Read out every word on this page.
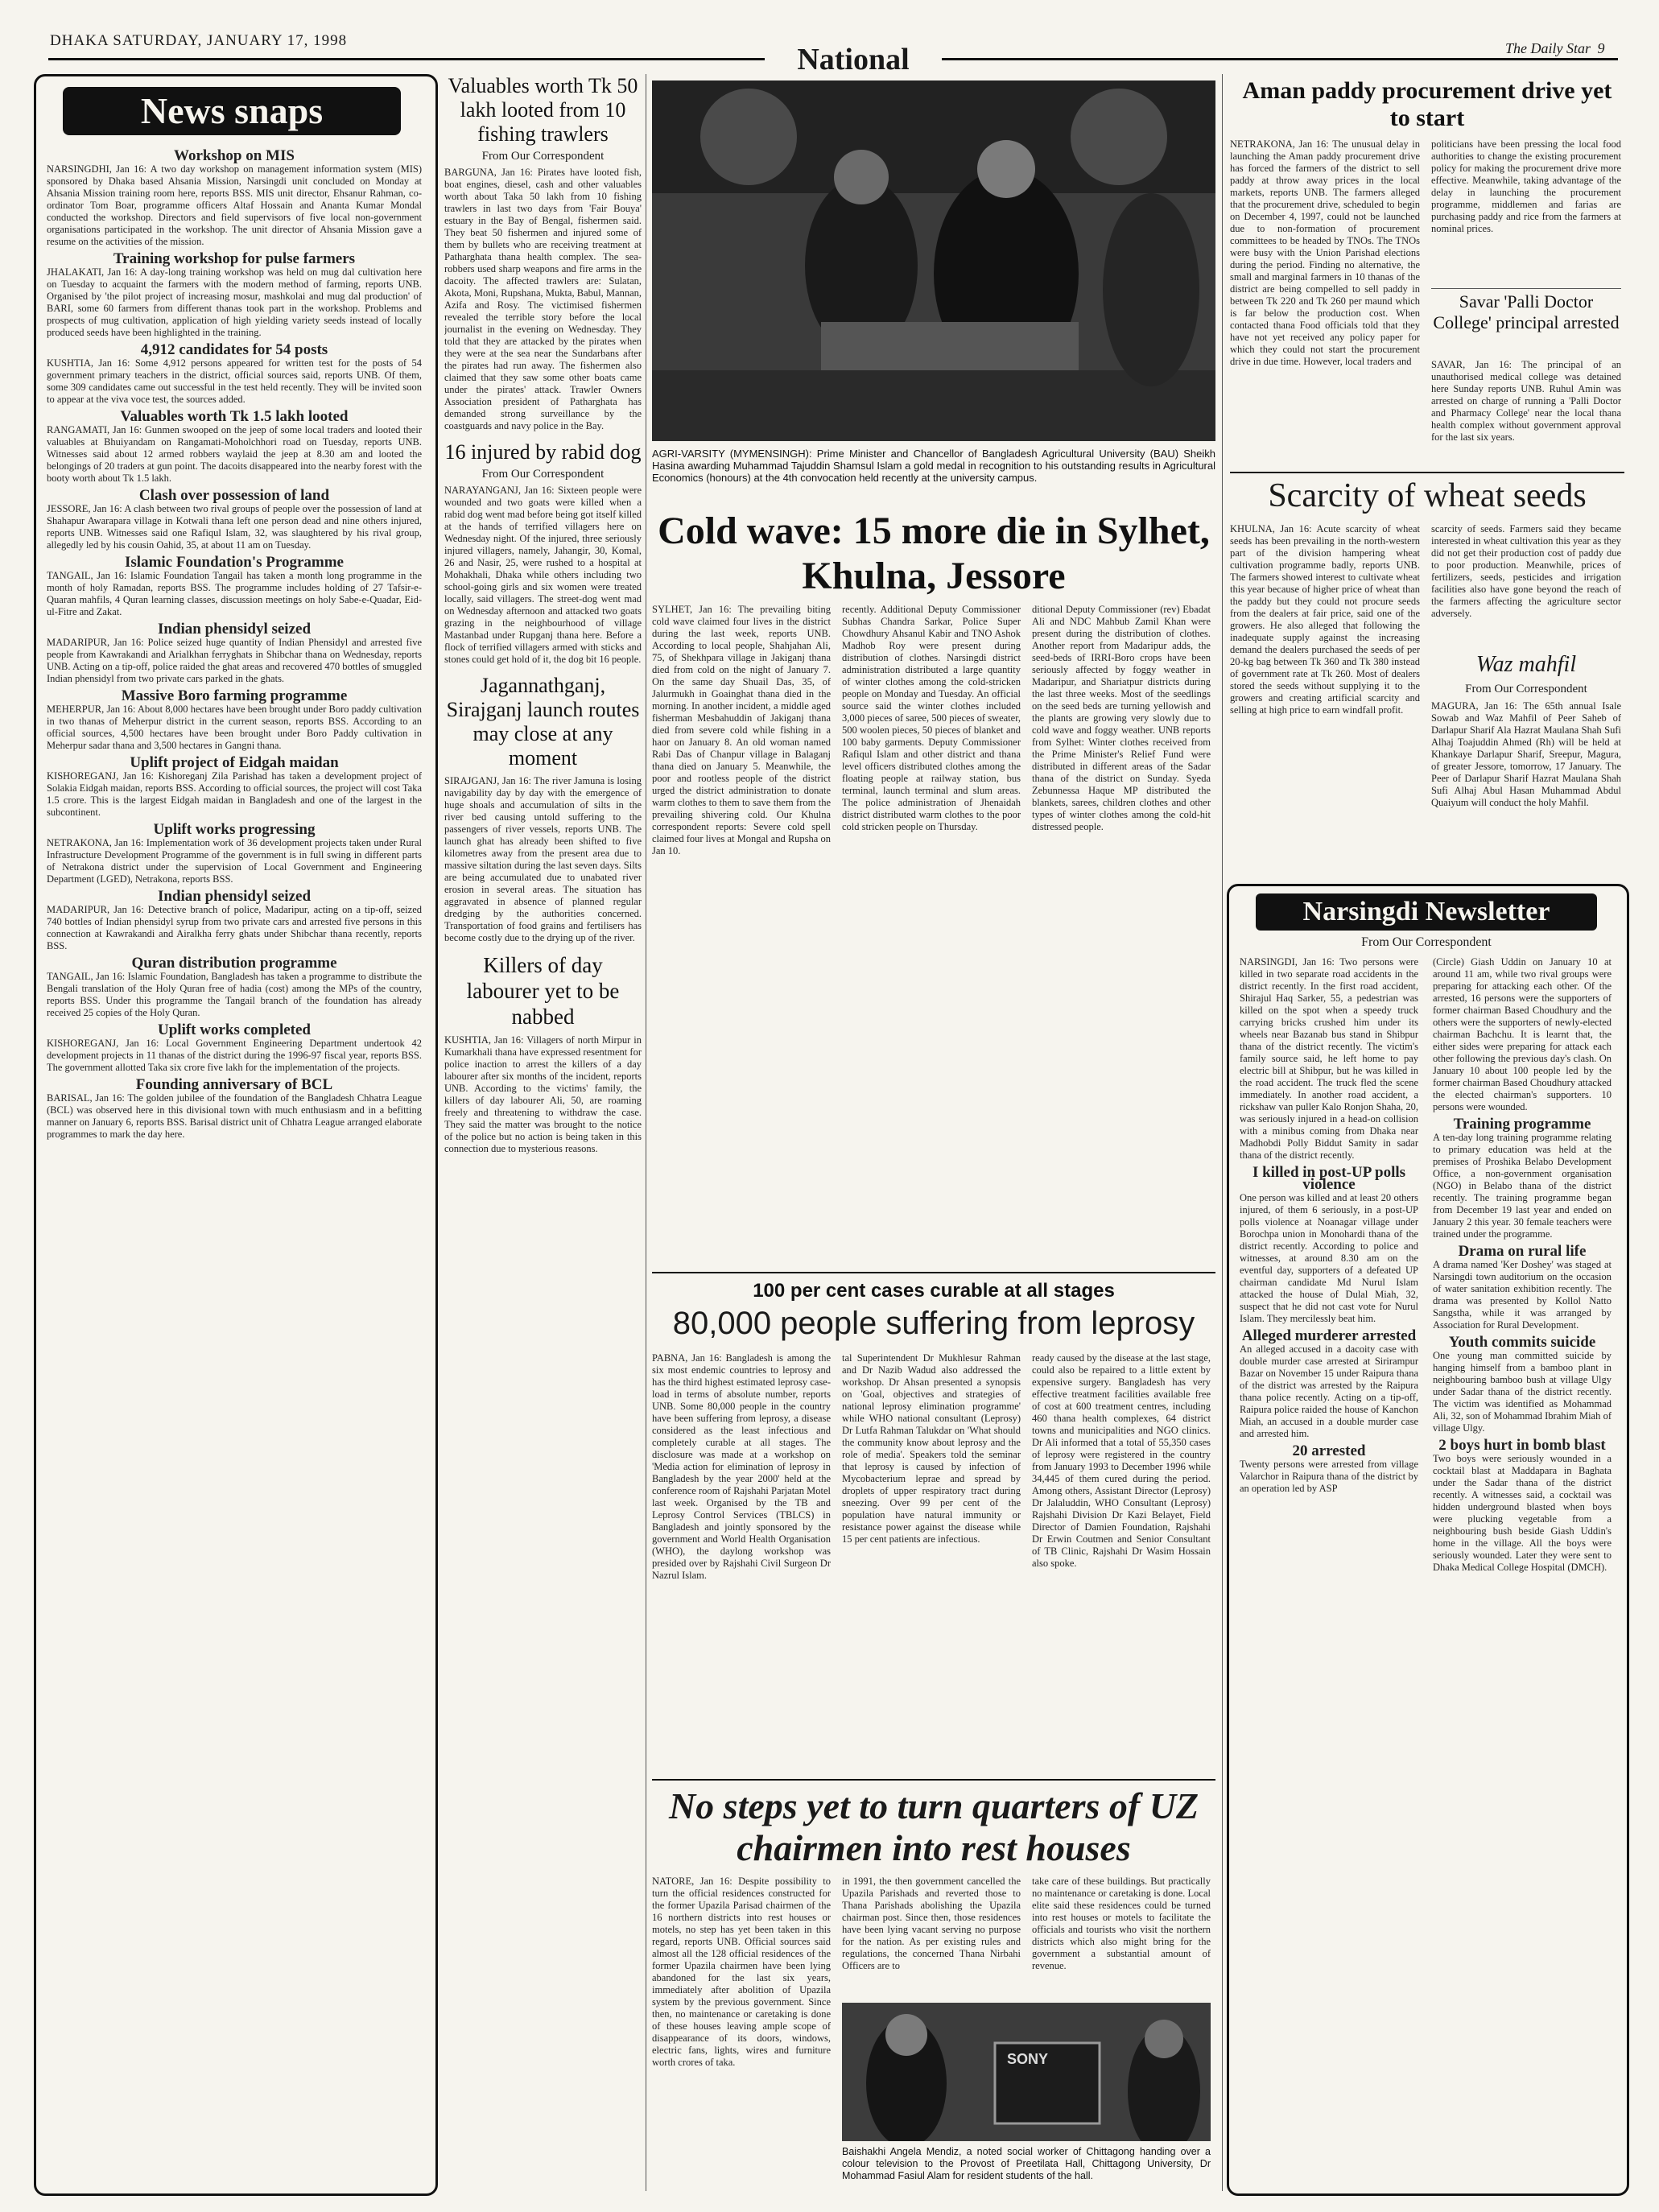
DHAKA SATURDAY, JANUARY 17, 1998
National	The Daily Star 9
News snaps
Workshop on MIS
NARSINGDHI, Jan 16: A two day workshop on management information system (MIS) sponsored by Dhaka based Ahsania Mission, Narsingdi unit concluded on Monday at Ahsania Mission training room here, reports BSS. MIS unit director, Ehsanur Rahman, co-ordinator Tom Boar, programme officers Altaf Hossain and Ananta Kumar Mondal conducted the workshop. Directors and field supervisors of five local non-government organisations participated in the workshop. The unit director of Ahsania Mission gave a resume on the activities of the mission.
Training workshop for pulse farmers
JHALAKATI, Jan 16: A day-long training workshop was held on mug dal cultivation here on Tuesday to acquaint the farmers with the modern method of farming, reports UNB. Organised by 'the pilot project of increasing mosur, mashkolai and mug dal production' of BARI, some 60 farmers from different thanas took part in the workshop. Problems and prospects of mug cultivation, application of high yielding variety seeds instead of locally produced seeds have been highlighted in the training.
4,912 candidates for 54 posts
KUSHTIA, Jan 16: Some 4,912 persons appeared for written test for the posts of 54 government primary teachers in the district, official sources said, reports UNB. Of them, some 309 candidates came out successful in the test held recently. They will be invited soon to appear at the viva voce test, the sources added.
Valuables worth Tk 1.5 lakh looted
RANGAMATI, Jan 16: Gunmen swooped on the jeep of some local traders and looted their valuables at Bhuiyandam on Rangamati-Moholchhori road on Tuesday, reports UNB. Witnesses said about 12 armed robbers waylaid the jeep at 8.30 am and looted the belongings of 20 traders at gun point. The dacoits disappeared into the nearby forest with the booty worth about Tk 1.5 lakh.
Clash over possession of land
JESSORE, Jan 16: A clash between two rival groups of people over the possession of land at Shahapur Awarapara village in Kotwali thana left one person dead and nine others injured, reports UNB. Witnesses said one Rafiqul Islam, 32, was slaughtered by his rival group, allegedly led by his cousin Oahid, 35, at about 11 am on Tuesday.
Islamic Foundation's Programme
TANGAIL, Jan 16: Islamic Foundation Tangail has taken a month long programme in the month of holy Ramadan, reports BSS. The programme includes holding of 27 Tafsir-e-Quaran mahfils, 4 Quran learning classes, discussion meetings on holy Sabe-e-Quadar, Eid-ul-Fitre and Zakat.
Indian phensidyl seized
MADARIPUR, Jan 16: Police seized huge quantity of Indian Phensidyl and arrested five people from Kawrakandi and Arialkhan ferryghats in Shibchar thana on Wednesday, reports UNB. Acting on a tip-off, police raided the ghat areas and recovered 470 bottles of smuggled Indian phensidyl from two private cars parked in the ghats.
Massive Boro farming programme
MEHERPUR, Jan 16: About 8,000 hectares have been brought under Boro paddy cultivation in two thanas of Meherpur district in the current season, reports BSS. According to an official sources, 4,500 hectares have been brought under Boro Paddy cultivation in Meherpur sadar thana and 3,500 hectares in Gangni thana.
Uplift project of Eidgah maidan
KISHOREGANJ, Jan 16: Kishoreganj Zila Parishad has taken a development project of Solakia Eidgah maidan, reports BSS. According to official sources, the project will cost Taka 1.5 crore. This is the largest Eidgah maidan in Bangladesh and one of the largest in the subcontinent.
Uplift works progressing
NETRAKONA, Jan 16: Implementation work of 36 development projects taken under Rural Infrastructure Development Programme of the government is in full swing in different parts of Netrakona district under the supervision of Local Government and Engineering Department (LGED), Netrakona, reports BSS.
Indian phensidyl seized
MADARIPUR, Jan 16: Detective branch of police, Madaripur, acting on a tip-off, seized 740 bottles of Indian phensidyl syrup from two private cars and arrested five persons in this connection at Kawrakandi and Airalkha ferry ghats under Shibchar thana recently, reports BSS.
Quran distribution programme
TANGAIL, Jan 16: Islamic Foundation, Bangladesh has taken a programme to distribute the Bengali translation of the Holy Quran free of hadia (cost) among the MPs of the country, reports BSS. Under this programme the Tangail branch of the foundation has already received 25 copies of the Holy Quran.
Uplift works completed
KISHOREGANJ, Jan 16: Local Government Engineering Department undertook 42 development projects in 11 thanas of the district during the 1996-97 fiscal year, reports BSS. The government allotted Taka six crore five lakh for the implementation of the projects.
Founding anniversary of BCL
BARISAL, Jan 16: The golden jubilee of the foundation of the Bangladesh Chhatra League (BCL) was observed here in this divisional town with much enthusiasm and in a befitting manner on January 6, reports BSS. Barisal district unit of Chhatra League arranged elaborate programmes to mark the day here.
Valuables worth Tk 50 lakh looted from 10 fishing trawlers
From Our Correspondent
BARGUNA, Jan 16: Pirates have looted fish, boat engines, diesel, cash and other valuables worth about Taka 50 lakh from 10 fishing trawlers in last two days from 'Fair Bouya' estuary in the Bay of Bengal, fishermen said. They beat 50 fishermen and injured some of them by bullets who are receiving treatment at Patharghata thana health complex. The sea-robbers used sharp weapons and fire arms in the dacoity. The affected trawlers are: Sulatan, Akota, Moni, Rupshana, Mukta, Babul, Mannan, Azifa and Rosy. The victimised fishermen revealed the terrible story before the local journalist in the evening on Wednesday. They told that they are attacked by the pirates when they were at the sea near the Sundarbans after the pirates had run away. The fishermen also claimed that they saw some other boats came under the pirates' attack. Trawler Owners Association president of Patharghata has demanded strong surveillance by the coastguards and navy police in the Bay.
16 injured by rabid dog
From Our Correspondent
NARAYANGANJ, Jan 16: Sixteen people were wounded and two goats were killed when a rabid dog went mad before being got itself killed at the hands of terrified villagers here on Wednesday night. Of the injured, three seriously injured villagers, namely, Jahangir, 30, Komal, 26 and Nasir, 25, were rushed to a hospital at Mohakhali, Dhaka while others including two school-going girls and six women were treated locally, said villagers. The street-dog went mad on Wednesday afternoon and attacked two goats grazing in the neighbourhood of village Mastanbad under Rupganj thana here. Before a flock of terrified villagers armed with sticks and stones could get hold of it, the dog bit 16 people.
Jagannathganj, Sirajganj launch routes may close at any moment
SIRAJGANJ, Jan 16: The river Jamuna is losing navigability day by day with the emergence of huge shoals and accumulation of silts in the river bed causing untold suffering to the passengers of river vessels, reports UNB. The launch ghat has already been shifted to five kilometres away from the present area due to massive siltation during the last seven days. Silts are being accumulated due to unabated river erosion in several areas. The situation has aggravated in absence of planned regular dredging by the authorities concerned. Transportation of food grains and fertilisers has become costly due to the drying up of the river.
Killers of day labourer yet to be nabbed
KUSHTIA, Jan 16: Villagers of north Mirpur in Kumarkhali thana have expressed resentment for police inaction to arrest the killers of a day labourer after six months of the incident, reports UNB. According to the victims' family, the killers of day labourer Ali, 50, are roaming freely and threatening to withdraw the case. They said the matter was brought to the notice of the police but no action is being taken in this connection due to mysterious reasons.
AGRI-VARSITY (MYMENSINGH): Prime Minister and Chancellor of Bangladesh Agricultural University (BAU) Sheikh Hasina awarding Muhammad Tajuddin Shamsul Islam a gold medal in recognition to his outstanding results in Agricultural Economics (honours) at the 4th convocation held recently at the university campus.
Cold wave: 15 more die in Sylhet, Khulna, Jessore
SYLHET, Jan 16: The prevailing biting cold wave claimed four lives in the district during the last week, reports UNB. According to local people, Shahjahan Ali, 75, of Shekhpara village in Jakiganj thana died from cold on the night of January 7. On the same day Shuail Das, 35, of Jalurmukh in Goainghat thana died in the morning. In another incident, a middle aged fisherman Mesbahuddin of Jakiganj thana died from severe cold while fishing in a haor on January 8. An old woman named Rabi Das of Chanpur village in Balaganj thana died on January 5. Meanwhile, the poor and rootless people of the district urged the district administration to donate warm clothes to them to save them from the prevailing shivering cold. Our Khulna correspondent reports: Severe cold spell claimed four lives at Mongal and Rupsha on Jan 10.
recently. Additional Deputy Commissioner Subhas Chandra Sarkar, Police Super Chowdhury Ahsanul Kabir and TNO Ashok Madhob Roy were present during distribution of clothes. Narsingdi district administration distributed a large quantity of winter clothes among the cold-stricken people on Monday and Tuesday. An official source said the winter clothes included 3,000 pieces of saree, 500 pieces of sweater, 500 woolen pieces, 50 pieces of blanket and 100 baby garments. Deputy Commissioner Rafiqul Islam and other district and thana level officers distributed clothes among the floating people at railway station, bus terminal, launch terminal and slum areas. The police administration of Jhenaidah district distributed warm clothes to the poor cold stricken people on Thursday.
ditional Deputy Commissioner (rev) Ebadat Ali and NDC Mahbub Zamil Khan were present during the distribution of clothes. Another report from Madaripur adds, the seed-beds of IRRI-Boro crops have been seriously affected by foggy weather in Madaripur, and Shariatpur districts during the last three weeks. Most of the seedlings on the seed beds are turning yellowish and the plants are growing very slowly due to cold wave and foggy weather. UNB reports from Sylhet: Winter clothes received from the Prime Minister's Relief Fund were distributed in different areas of the Sadar thana of the district on Sunday. Syeda Zebunnessa Haque MP distributed the blankets, sarees, children clothes and other types of winter clothes among the cold-hit distressed people.
100 per cent cases curable at all stages
80,000 people suffering from leprosy
PABNA, Jan 16: Bangladesh is among the six most endemic countries to leprosy and has the third highest estimated leprosy case-load in terms of absolute number, reports UNB. Some 80,000 people in the country have been suffering from leprosy, a disease considered as the least infectious and completely curable at all stages. The disclosure was made at a workshop on 'Media action for elimination of leprosy in Bangladesh by the year 2000' held at the conference room of Rajshahi Parjatan Motel last week. Organised by the TB and Leprosy Control Services (TBLCS) in Bangladesh and jointly sponsored by the government and World Health Organisation (WHO), the daylong workshop was presided over by Rajshahi Civil Surgeon Dr Nazrul Islam.
tal Superintendent Dr Mukhlesur Rahman and Dr Nazib Wadud also addressed the workshop. Dr Ahsan presented a synopsis on 'Goal, objectives and strategies of national leprosy elimination programme' while WHO national consultant (Leprosy) Dr Lutfa Rahman Talukdar on 'What should the community know about leprosy and the role of media'. Speakers told the seminar that leprosy is caused by infection of Mycobacterium leprae and spread by droplets of upper respiratory tract during sneezing. Over 99 per cent of the population have natural immunity or resistance power against the disease while 15 per cent patients are infectious.
ready caused by the disease at the last stage, could also be repaired to a little extent by expensive surgery. Bangladesh has very effective treatment facilities available free of cost at 600 treatment centres, including 460 thana health complexes, 64 district towns and municipalities and NGO clinics. Dr Ali informed that a total of 55,350 cases of leprosy were registered in the country from January 1993 to December 1996 while 34,445 of them cured during the period. Among others, Assistant Director (Leprosy) Dr Jalaluddin, WHO Consultant (Leprosy) Rajshahi Division Dr Kazi Belayet, Field Director of Damien Foundation, Rajshahi Dr Erwin Coutmen and Senior Consultant of TB Clinic, Rajshahi Dr Wasim Hossain also spoke.
No steps yet to turn quarters of UZ chairmen into rest houses
NATORE, Jan 16: Despite possibility to turn the official residences constructed for the former Upazila Parisad chairmen of the 16 northern districts into rest houses or motels, no step has yet been taken in this regard, reports UNB. Official sources said almost all the 128 official residences of the former Upazila chairmen have been lying abandoned for the last six years, immediately after abolition of Upazila system by the previous government. Since then, no maintenance or caretaking is done of these houses leaving ample scope of disappearance of its doors, windows, electric fans, lights, wires and furniture worth crores of taka.
in 1991, the then government cancelled the Upazila Parishads and reverted those to Thana Parishads abolishing the Upazila chairman post. Since then, those residences have been lying vacant serving no purpose for the nation. As per existing rules and regulations, the concerned Thana Nirbahi Officers are to
take care of these buildings. But practically no maintenance or caretaking is done. Local elite said these residences could be turned into rest houses or motels to facilitate the officials and tourists who visit the northern districts which also might bring for the government a substantial amount of revenue.
SONY
Baishakhi Angela Mendiz, a noted social worker of Chittagong handing over a colour television to the Provost of Preetilata Hall, Chittagong University, Dr Mohammad Fasiul Alam for resident students of the hall.
Aman paddy procurement drive yet to start
NETRAKONA, Jan 16: The unusual delay in launching the Aman paddy procurement drive has forced the farmers of the district to sell paddy at throw away prices in the local markets, reports UNB. The farmers alleged that the procurement drive, scheduled to begin on December 4, 1997, could not be launched due to non-formation of procurement committees to be headed by TNOs. The TNOs were busy with the Union Parishad elections during the period. Finding no alternative, the small and marginal farmers in 10 thanas of the district are being compelled to sell paddy in between Tk 220 and Tk 260 per maund which is far below the production cost. When contacted thana Food officials told that they have not yet received any policy paper for which they could not start the procurement drive in due time. However, local traders and
politicians have been pressing the local food authorities to change the existing procurement policy for making the procurement drive more effective. Meanwhile, taking advantage of the delay in launching the procurement programme, middlemen and farias are purchasing paddy and rice from the farmers at nominal prices.
Savar 'Palli Doctor College' principal arrested
SAVAR, Jan 16: The principal of an unauthorised medical college was detained here Sunday reports UNB. Ruhul Amin was arrested on charge of running a 'Palli Doctor and Pharmacy College' near the local thana health complex without government approval for the last six years.
Scarcity of wheat seeds
KHULNA, Jan 16: Acute scarcity of wheat seeds has been prevailing in the north-western part of the division hampering wheat cultivation programme badly, reports UNB. The farmers showed interest to cultivate wheat this year because of higher price of wheat than the paddy but they could not procure seeds from the dealers at fair price, said one of the growers. He also alleged that following the inadequate supply against the increasing demand the dealers purchased the seeds of per 20-kg bag between Tk 360 and Tk 380 instead of government rate at Tk 260. Most of dealers stored the seeds without supplying it to the growers and creating artificial scarcity and selling at high price to earn windfall profit.
scarcity of seeds. Farmers said they became interested in wheat cultivation this year as they did not get their production cost of paddy due to poor production. Meanwhile, prices of fertilizers, seeds, pesticides and irrigation facilities also have gone beyond the reach of the farmers affecting the agriculture sector adversely.
Waz mahfil
From Our Correspondent
MAGURA, Jan 16: The 65th annual Isale Sowab and Waz Mahfil of Peer Saheb of Darlapur Sharif Ala Hazrat Maulana Shah Sufi Alhaj Toajuddin Ahmed (Rh) will be held at Khankaye Darlapur Sharif, Sreepur, Magura, of greater Jessore, tomorrow, 17 January. The Peer of Darlapur Sharif Hazrat Maulana Shah Sufi Alhaj Abul Hasan Muhammad Abdul Quaiyum will conduct the holy Mahfil.
Narsingdi Newsletter
From Our Correspondent
NARSINGDI, Jan 16: Two persons were killed in two separate road accidents in the district recently. In the first road accident, Shirajul Haq Sarker, 55, a pedestrian was killed on the spot when a speedy truck carrying bricks crushed him under its wheels near Bazanab bus stand in Shibpur thana of the district recently. The victim's family source said, he left home to pay electric bill at Shibpur, but he was killed in the road accident. The truck fled the scene immediately. In another road accident, a rickshaw van puller Kalo Ronjon Shaha, 20, was seriously injured in a head-on collision with a minibus coming from Dhaka near Madhobdi Polly Biddut Samity in sadar thana of the district recently.
I killed in post-UP polls violence
One person was killed and at least 20 others injured, of them 6 seriously, in a post-UP polls violence at Noanagar village under Borochpa union in Monohardi thana of the district recently. According to police and witnesses, at around 8.30 am on the eventful day, supporters of a defeated UP chairman candidate Md Nurul Islam attacked the house of Dulal Miah, 32, suspect that he did not cast vote for Nurul Islam. They mercilessly beat him.
Alleged murderer arrested
An alleged accused in a dacoity case with double murder case arrested at Sirirampur Bazar on November 15 under Raipura thana of the district was arrested by the Raipura thana police recently. Acting on a tip-off, Raipura police raided the house of Kanchon Miah, an accused in a double murder case and arrested him.
20 arrested
Twenty persons were arrested from village Valarchor in Raipura thana of the district by an operation led by ASP
(Circle) Giash Uddin on January 10 at around 11 am, while two rival groups were preparing for attacking each other. Of the arrested, 16 persons were the supporters of former chairman Based Choudhury and the others were the supporters of newly-elected chairman Bachchu. It is learnt that, the either sides were preparing for attack each other following the previous day's clash. On January 10 about 100 people led by the former chairman Based Choudhury attacked the elected chairman's supporters. 10 persons were wounded.
Training programme
A ten-day long training programme relating to primary education was held at the premises of Proshika Belabo Development Office, a non-government organisation (NGO) in Belabo thana of the district recently. The training programme began from December 19 last year and ended on January 2 this year. 30 female teachers were trained under the programme.
Drama on rural life
A drama named 'Ker Doshey' was staged at Narsingdi town auditorium on the occasion of water sanitation exhibition recently. The drama was presented by Kollol Natto Sangstha, while it was arranged by Association for Rural Development.
Youth commits suicide
One young man committed suicide by hanging himself from a bamboo plant in neighbouring bamboo bush at village Ulgy under Sadar thana of the district recently. The victim was identified as Mohammad Ali, 32, son of Mohammad Ibrahim Miah of village Ulgy.
2 boys hurt in bomb blast
Two boys were seriously wounded in a cocktail blast at Maddapara in Baghata under the Sadar thana of the district recently. A witnesses said, a cocktail was hidden underground blasted when boys were plucking vegetable from a neighbouring bush beside Giash Uddin's home in the village. All the boys were seriously wounded. Later they were sent to Dhaka Medical College Hospital (DMCH).
